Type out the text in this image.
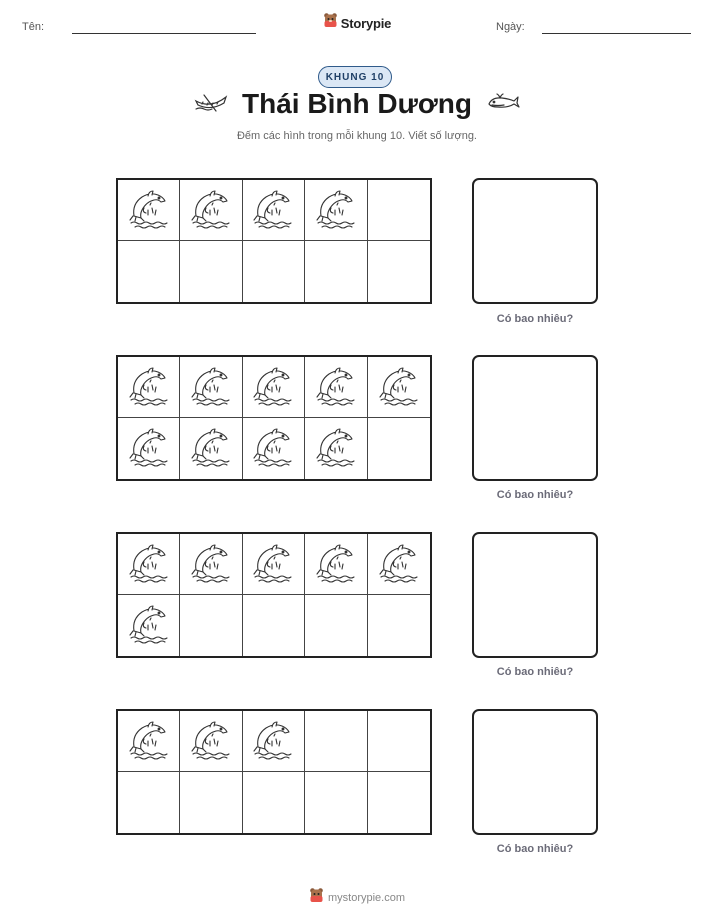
Tên:	Storypie	Ngày:
KHUNG 10
Thái Bình Dương
Đếm các hình trong mỗi khung 10. Viết số lượng.
Có bao nhiêu?
Có bao nhiêu?
Có bao nhiêu?
Có bao nhiêu?
mystorypie.com
